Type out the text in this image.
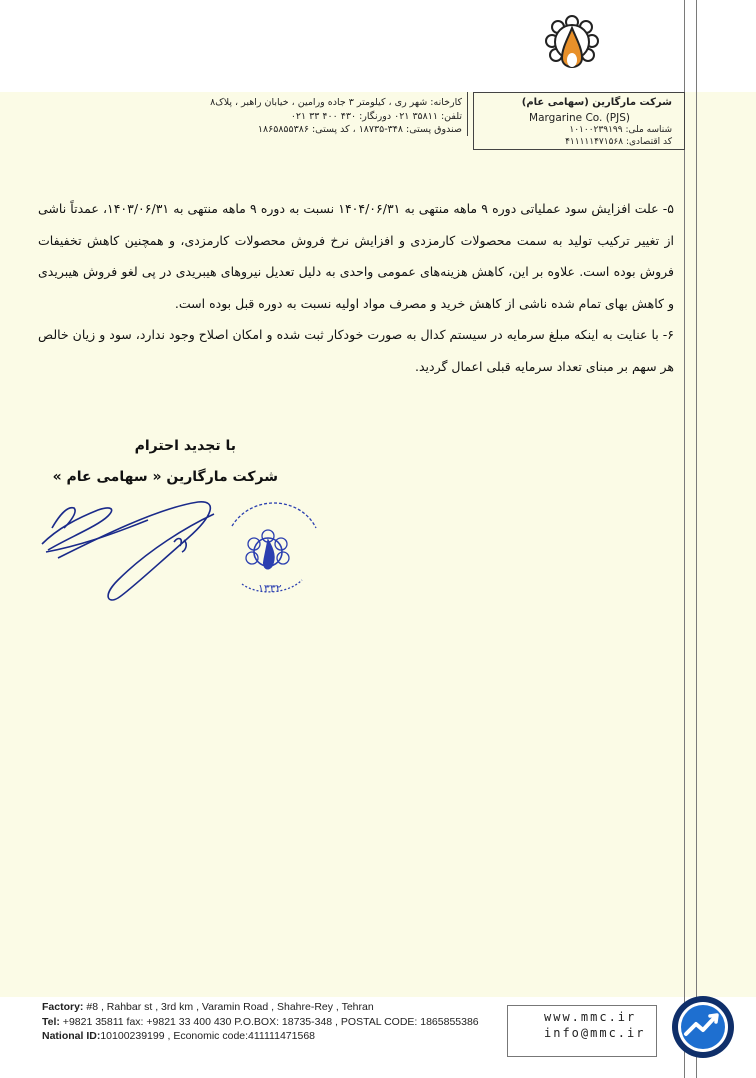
شرکت مارگارین (سهامی عام)
Margarine Co. (PJS)
شناسه ملی: ۱۰۱۰۰۲۳۹۱۹۹
کد اقتصادی: ۴۱۱۱۱۱۴۷۱۵۶۸
کارخانه: شهر ری ، کیلومتر ۳ جاده ورامین ، خیابان راهبر ، پلاک۸
تلفن: ۳۵۸۱۱ ۰۲۱ دورنگار: ۴۳۰ ۴۰۰ ۳۳ ۰۲۱
صندوق پستی: ۳۴۸-۱۸۷۳۵ ، کد پستی: ۱۸۶۵۸۵۵۳۸۶

۵- علت افزایش سود عملیاتی دوره ۹ ماهه منتهی به ۱۴۰۴/۰۶/۳۱ نسبت به دوره ۹ ماهه منتهی به ۱۴۰۳/۰۶/۳۱، عمدتاً ناشی از تغییر ترکیب تولید به سمت محصولات کارمزدی و افزایش نرخ فروش محصولات کارمزدی، و همچنین کاهش تخفیفات فروش بوده است. علاوه بر این، کاهش هزینه‌های عمومی واحدی به دلیل تعدیل نیروهای هیبریدی در پی لغو فروش هیبریدی و کاهش بهای تمام شده ناشی از کاهش خرید و مصرف مواد اولیه نسبت به دوره قبل بوده است.

۶- با عنایت به اینکه مبلغ سرمایه در سیستم کدال به صورت خودکار ثبت شده و امکان اصلاح وجود ندارد، سود و زیان خالص هر سهم بر مبنای تعداد سرمایه قبلی اعمال گردید.

با تجدید احترام
شرکت مارگارین « سهامی عام »
۱۳۳۲
Factory: #8 , Rahbar st , 3rd km , Varamin Road , Shahre-Rey , Tehran
Tel: +9821 35811 fax: +9821 33 400 430 P.O.BOX: 18735-348 , POSTAL CODE: 1865855386
National ID:10100239199 , Economic code:411111471568
www.mmc.ir
info@mmc.ir
